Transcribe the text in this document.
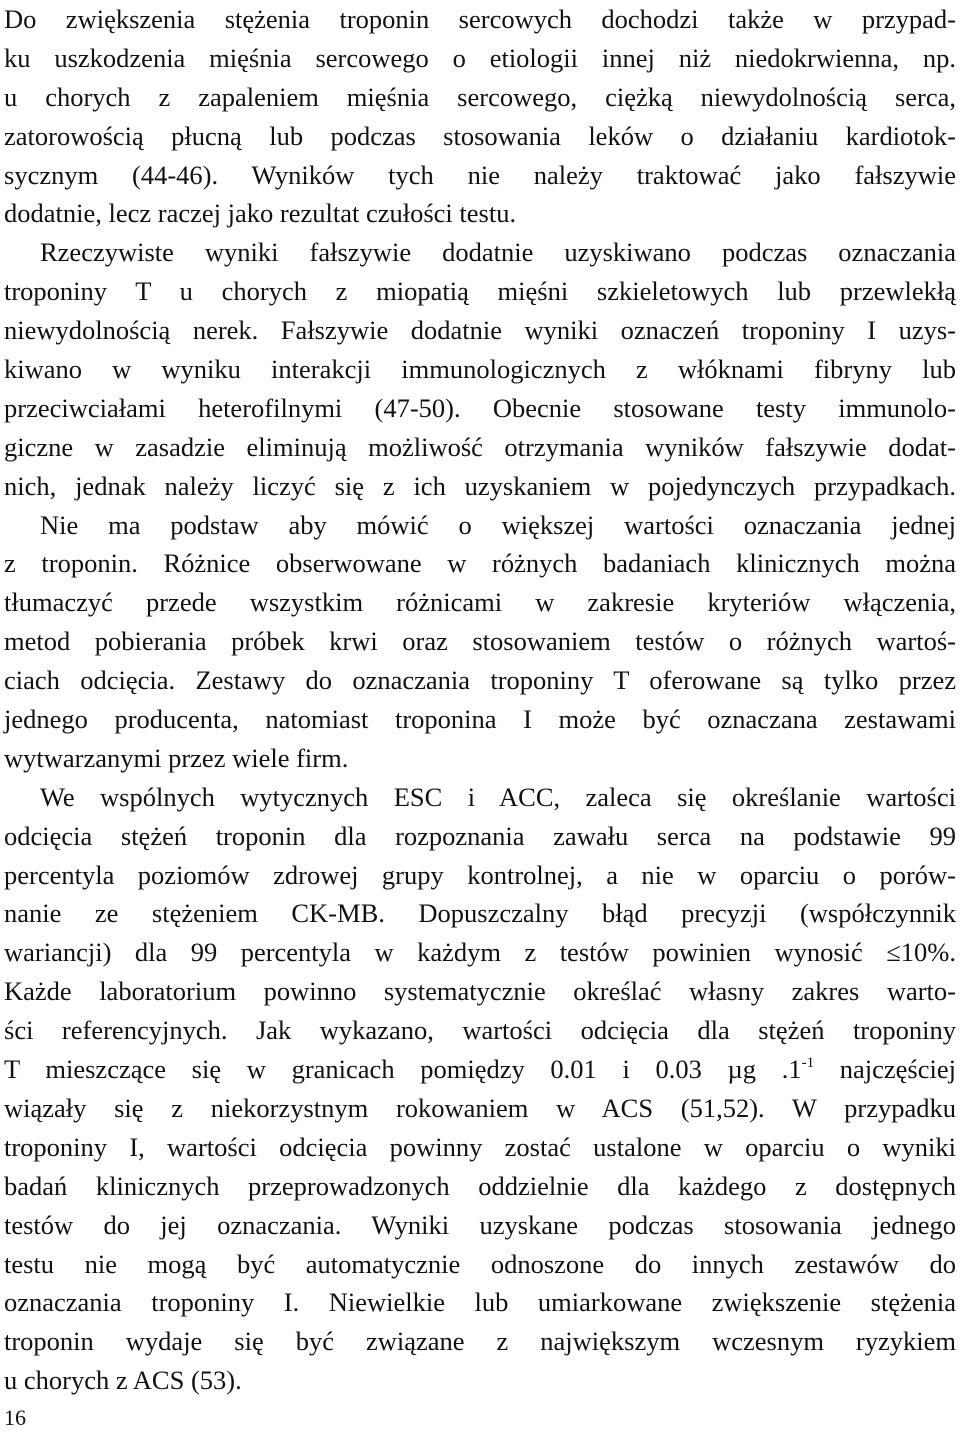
Do zwiększenia stężenia troponin sercowych dochodzi także w przypad-
ku uszkodzenia mięśnia sercowego o etiologii innej niż niedokrwienna, np.
u chorych z zapaleniem mięśnia sercowego, ciężką niewydolnością serca,
zatorowością płucną lub podczas stosowania leków o działaniu kardiotok-
sycznym (44-46). Wyników tych nie należy traktować jako fałszywie
dodatnie, lecz raczej jako rezultat czułości testu.
Rzeczywiste wyniki fałszywie dodatnie uzyskiwano podczas oznaczania
troponiny T u chorych z miopatią mięśni szkieletowych lub przewlekłą
niewydolnością nerek. Fałszywie dodatnie wyniki oznaczeń troponiny I uzys-
kiwano w wyniku interakcji immunologicznych z włóknami fibryny lub
przeciwciałami heterofilnymi (47-50). Obecnie stosowane testy immunolo-
giczne w zasadzie eliminują możliwość otrzymania wyników fałszywie dodat-
nich, jednak należy liczyć się z ich uzyskaniem w pojedynczych przypadkach.
Nie ma podstaw aby mówić o większej wartości oznaczania jednej
z troponin. Różnice obserwowane w różnych badaniach klinicznych można
tłumaczyć przede wszystkim różnicami w zakresie kryteriów włączenia,
metod pobierania próbek krwi oraz stosowaniem testów o różnych wartoś-
ciach odcięcia. Zestawy do oznaczania troponiny T oferowane są tylko przez
jednego producenta, natomiast troponina I może być oznaczana zestawami
wytwarzanymi przez wiele firm.
We wspólnych wytycznych ESC i ACC, zaleca się określanie wartości
odcięcia stężeń troponin dla rozpoznania zawału serca na podstawie 99
percentyla poziomów zdrowej grupy kontrolnej, a nie w oparciu o porów-
nanie ze stężeniem CK-MB. Dopuszczalny błąd precyzji (współczynnik
wariancji) dla 99 percentyla w każdym z testów powinien wynosić ≤10%.
Każde laboratorium powinno systematycznie określać własny zakres warto-
ści referencyjnych. Jak wykazano, wartości odcięcia dla stężeń troponiny
T mieszczące się w granicach pomiędzy 0.01 i 0.03 µg $.1^{-1}$ najczęściej
wiązały się z niekorzystnym rokowaniem w ACS (51,52). W przypadku
troponiny I, wartości odcięcia powinny zostać ustalone w oparciu o wyniki
badań klinicznych przeprowadzonych oddzielnie dla każdego z dostępnych
testów do jej oznaczania. Wyniki uzyskane podczas stosowania jednego
testu nie mogą być automatycznie odnoszone do innych zestawów do
oznaczania troponiny I. Niewielkie lub umiarkowane zwiększenie stężenia
troponin wydaje się być związane z największym wczesnym ryzykiem
u chorych z ACS (53).
16
